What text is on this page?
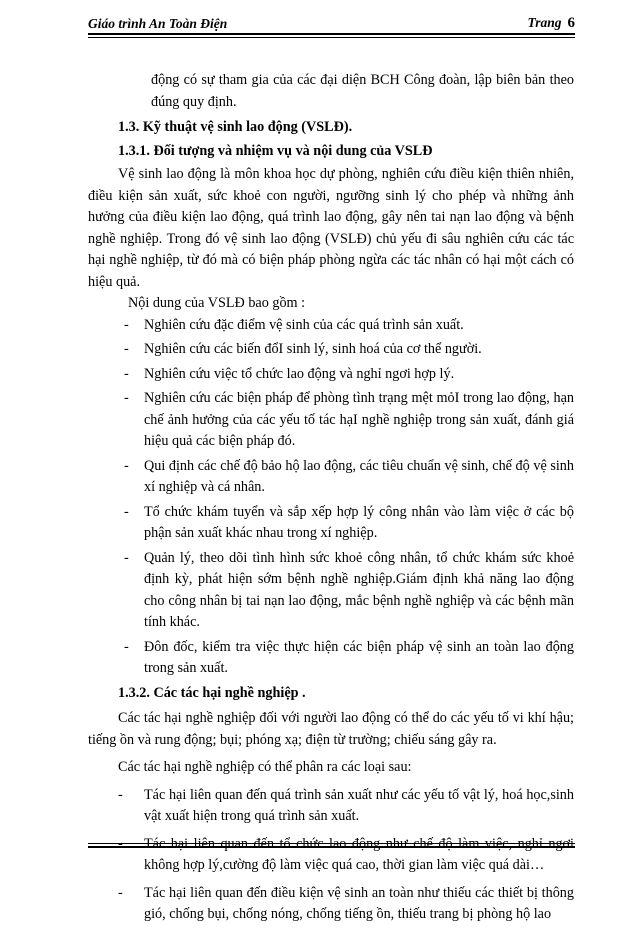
Giáo trình An Toàn Điện	Trang 6

động có sự tham gia của các đại diện BCH Công đoàn, lập biên bản theo đúng quy định.

1.3. Kỹ thuật vệ sinh lao động (VSLĐ).

1.3.1. Đối tượng và nhiệm vụ và nội dung của VSLĐ

Vệ sinh lao động là môn khoa học dự phòng, nghiên cứu điều kiện thiên nhiên, điều kiện sản xuất, sức khoẻ con người, ngưỡng sinh lý cho phép và những ảnh hưởng của điều kiện lao động, quá trình lao động, gây nên tai nạn lao động và bệnh nghề nghiệp. Trong đó vệ sinh lao động (VSLĐ) chủ yếu đi sâu nghiên cứu các tác hại nghề nghiệp, từ đó mà có biện pháp phòng ngừa các tác nhân có hại một cách có hiệu quả.

Nội dung của VSLĐ bao gồm :

- Nghiên cứu đặc điểm vệ sinh của các quá trình sản xuất.
- Nghiên cứu các biến đổI sinh lý, sinh hoá của cơ thể người.
- Nghiên cứu việc tổ chức lao động và nghỉ ngơi hợp lý.
- Nghiên cứu các biện pháp để phòng tình trạng mệt mỏI trong lao động, hạn chế ảnh hưởng của các yếu tố tác hạI nghề nghiệp trong sản xuất, đánh giá hiệu quả các biện pháp đó.
- Qui định các chế độ bảo hộ lao động, các tiêu chuẩn vệ sinh, chế độ vệ sinh xí nghiệp và cá nhân.
- Tổ chức khám tuyển và sắp xếp hợp lý công nhân vào làm việc ở các bộ phận sản xuất khác nhau trong xí nghiệp.
- Quản lý, theo dõi tình hình sức khoẻ công nhân, tổ chức khám sức khoẻ định kỳ, phát hiện sớm bệnh nghề nghiệp.Giám định khả năng lao động cho công nhân bị tai nạn lao động, mắc bệnh nghề nghiệp và các bệnh mãn tính khác.
- Đôn đốc, kiểm tra việc thực hiện các biện pháp vệ sinh an toàn lao động trong sản xuất.

1.3.2. Các tác hại nghề nghiệp .

Các tác hại nghề nghiệp đối với người lao động có thể do các yếu tố vi khí hậu; tiếng ồn và rung động; bụi; phóng xạ; điện từ trường; chiếu sáng gây ra.

Các tác hại nghề nghiệp có thể phân ra các loại sau:

- Tác hại liên quan đến quá trình sản xuất như các yếu tố vật lý, hoá học,sinh vật xuất hiện trong quá trình sản xuất.
- Tác hại liên quan đến tổ chức lao động như chế độ làm việc, nghỉ ngơi không hợp lý,cường độ làm việc quá cao, thời gian làm việc quá dài…
- Tác hại liên quan đến điều kiện vệ sinh an toàn như thiếu các thiết bị thông gió, chống bụi, chống nóng, chống tiếng ồn, thiếu trang bị phòng hộ lao
